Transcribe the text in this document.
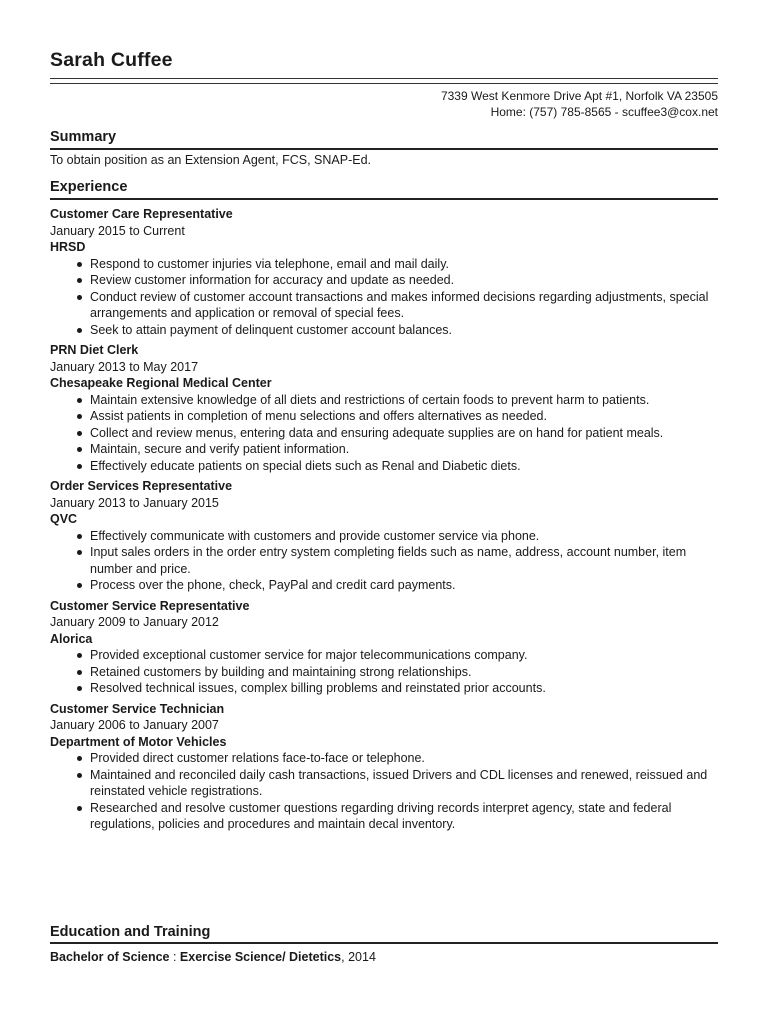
Sarah Cuffee
7339 West Kenmore Drive Apt #1, Norfolk VA 23505
Home: (757) 785-8565 - scuffee3@cox.net
Summary
To obtain position as an Extension Agent, FCS, SNAP-Ed.
Experience
Customer Care Representative
January 2015 to Current
HRSD
Respond to customer injuries via telephone, email and mail daily.
Review customer information for accuracy and update as needed.
Conduct review of customer account transactions and makes informed decisions regarding adjustments, special arrangements and application or removal of special fees.
Seek to attain payment of delinquent customer account balances.
PRN Diet Clerk
January 2013 to May 2017
Chesapeake Regional Medical Center
Maintain extensive knowledge of all diets and restrictions of certain foods to prevent harm to patients.
Assist patients in completion of menu selections and offers alternatives as needed.
Collect and review menus, entering data and ensuring adequate supplies are on hand for patient meals.
Maintain, secure and verify patient information.
Effectively educate patients on special diets such as Renal and Diabetic diets.
Order Services Representative
January 2013 to January 2015
QVC
Effectively communicate with customers and provide customer service via phone.
Input sales orders in the order entry system completing fields such as name, address, account number, item number and price.
Process over the phone, check, PayPal and credit card payments.
Customer Service Representative
January 2009 to January 2012
Alorica
Provided exceptional customer service for major telecommunications company.
Retained customers by building and maintaining strong relationships.
Resolved technical issues, complex billing problems and reinstated prior accounts.
Customer Service Technician
January 2006 to January 2007
Department of Motor Vehicles
Provided direct customer relations face-to-face or telephone.
Maintained and reconciled daily cash transactions, issued Drivers and CDL licenses and renewed, reissued and reinstated vehicle registrations.
Researched and resolve customer questions regarding driving records interpret agency, state and federal regulations, policies and procedures and maintain decal inventory.
Education and Training
Bachelor of Science : Exercise Science/ Dietetics, 2014
